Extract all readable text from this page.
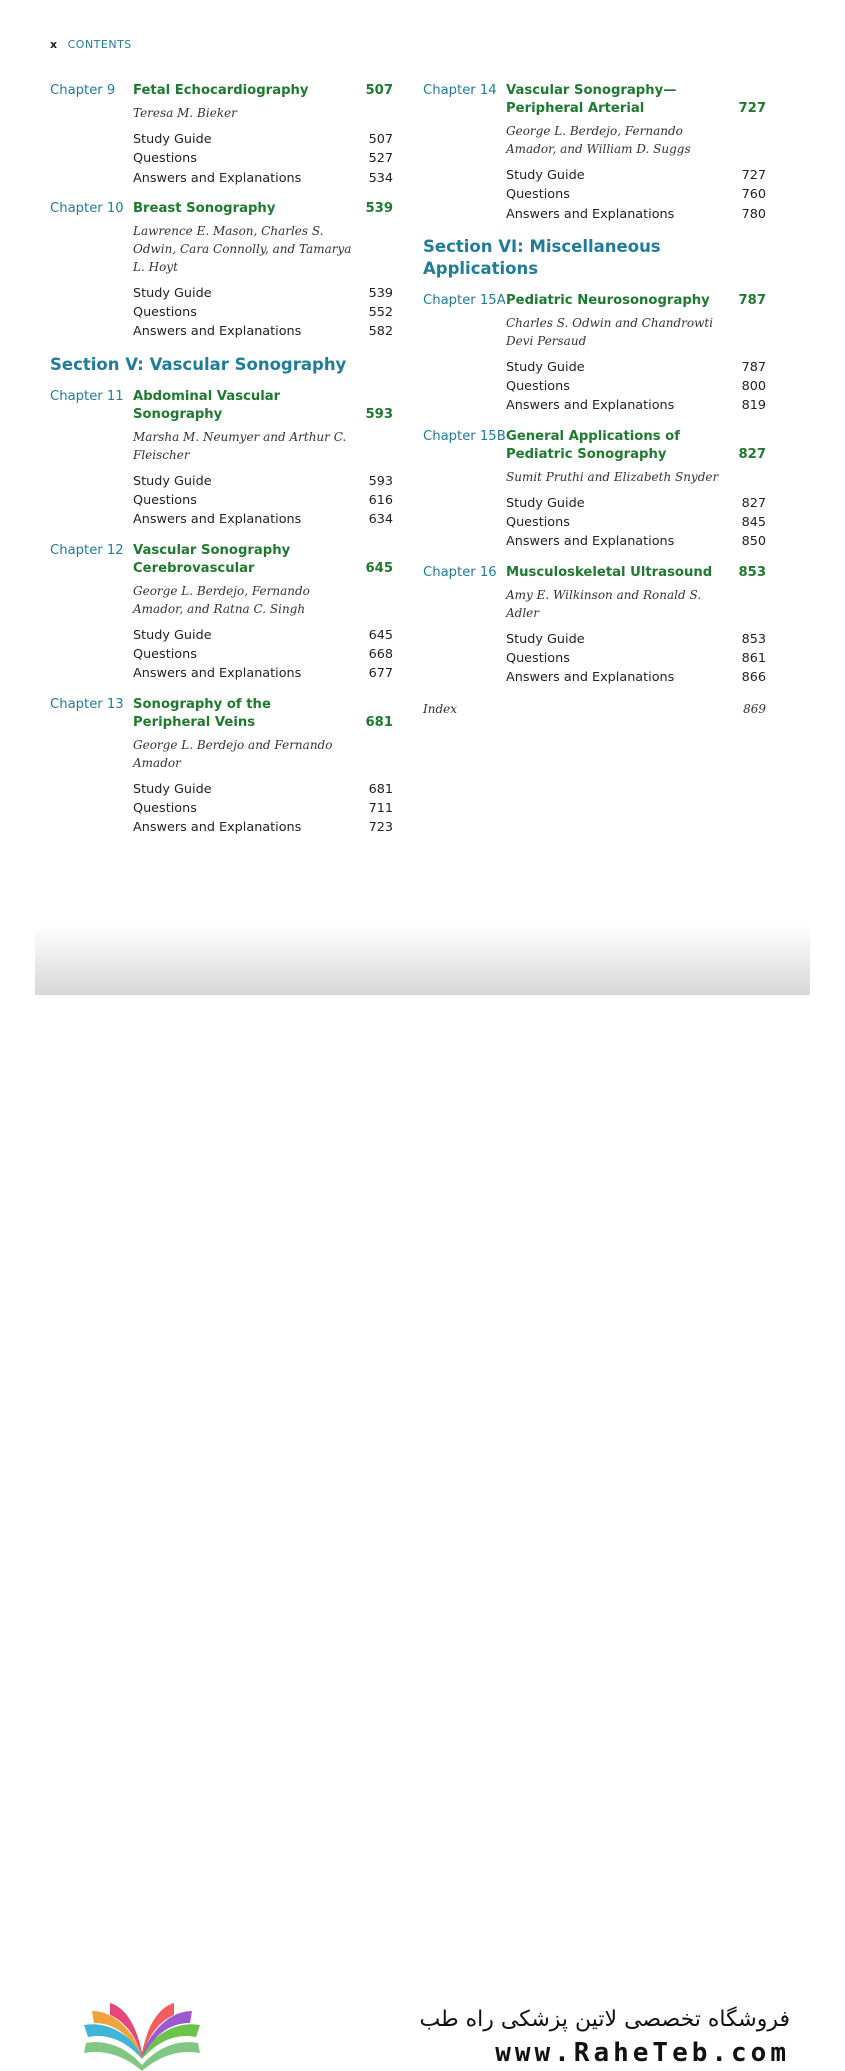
x CONTENTS
Chapter 9	Fetal Echocardiography	507
Teresa M. Bieker
Study Guide	507
Questions	527
Answers and Explanations	534
Chapter 10 Breast Sonography	539
Lawrence E. Mason, Charles S. Odwin, Cara Connolly, and Tamarya L. Hoyt
Study Guide	539
Questions	552
Answers and Explanations	582
Section V: Vascular Sonography
Chapter 11 Abdominal Vascular Sonography	593
Marsha M. Neumyer and Arthur C. Fleischer
Study Guide	593
Questions	616
Answers and Explanations	634
Chapter 12 Vascular Sonography Cerebrovascular	645
George L. Berdejo, Fernando Amador, and Ratna C. Singh
Study Guide	645
Questions	668
Answers and Explanations	677
Chapter 13 Sonography of the Peripheral Veins	681
George L. Berdejo and Fernando Amador
Study Guide	681
Questions	711
Answers and Explanations	723
Chapter 14 Vascular Sonography— Peripheral Arterial	727
George L. Berdejo, Fernando Amador, and William D. Suggs
Study Guide	727
Questions	760
Answers and Explanations	780
Section VI: Miscellaneous Applications
Chapter 15A Pediatric Neurosonography	787
Charles S. Odwin and Chandrowti Devi Persaud
Study Guide	787
Questions	800
Answers and Explanations	819
Chapter 15B General Applications of Pediatric Sonography	827
Sumit Pruthi and Elizabeth Snyder
Study Guide	827
Questions	845
Answers and Explanations	850
Chapter 16 Musculoskeletal Ultrasound	853
Amy E. Wilkinson and Ronald S. Adler
Study Guide	853
Questions	861
Answers and Explanations	866
Index	869
فروشگاه تخصصی لاتین پزشکی راه طب
www.RaheTeb.com
